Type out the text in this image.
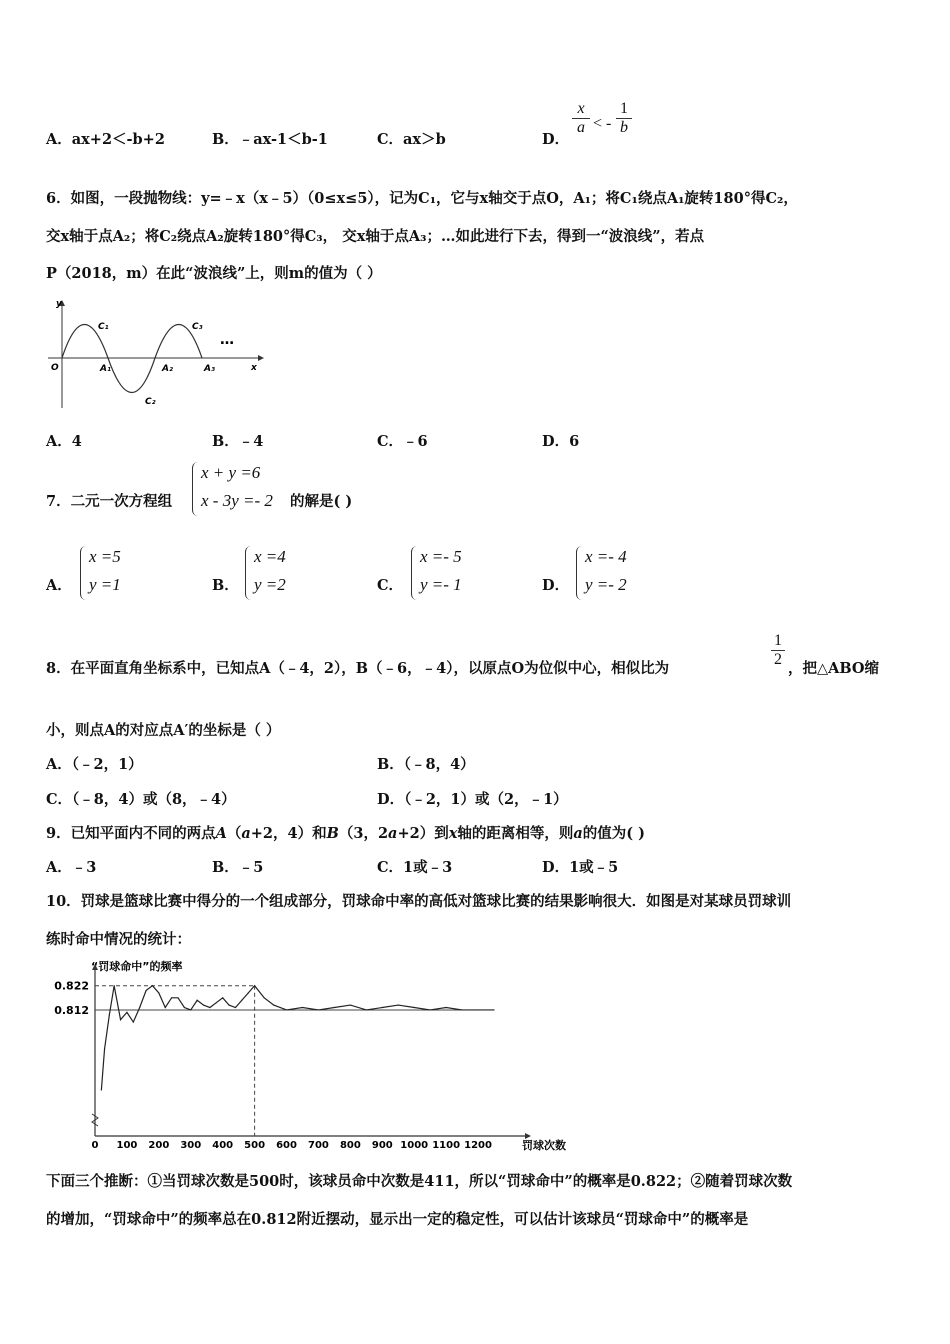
A．ax+2＜-b+2	B．﹣ax-1＜b-1	C．ax＞b	D．
$\frac{x}{a}$ < - $\frac{1}{b}$
6．如图，一段抛物线：y=﹣x（x﹣5）（0≤x≤5），记为C₁，它与x轴交于点O，A₁；将C₁绕点A₁旋转180°得C₂，
交x轴于点A₂；将C₂绕点A₂旋转180°得C₃， 交x轴于点A₃；…如此进行下去，得到一“波浪线”，若点
P（2018，m）在此“波浪线”上，则m的值为（ ）
y
x
O	A₁	A₂	A₃
C₁
C₂
C₃
…
A．4	B．﹣4	C．﹣6	D．6
7．二元一次方程组
x + y =6
x - 3y =- 2 的解是( )
A．
x =5
y =1	B．
x =4
y =2	C．
x =- 5
y =- 1	D．
x =- 4
y =- 2
8．在平面直角坐标系中，已知点A（﹣4，2），B（﹣6，﹣4），以原点O为位似中心，相似比为	$\frac{1}{2}$ ，把△ABO缩
小，则点A的对应点A′的坐标是（ ）
A．（﹣2，1）	B．（﹣8，4）
C．（﹣8，4）或（8，﹣4）	D．（﹣2，1）或（2，﹣1）
9．已知平面内不同的两点A（a+2，4）和B（3，2a+2）到x轴的距离相等，则a的值为( )
A．﹣3	B．﹣5	C．1或﹣3	D．1或﹣5
10．罚球是篮球比赛中得分的一个组成部分，罚球命中率的高低对篮球比赛的结果影响很大．如图是对某球员罚球训
练时命中情况的统计：
0.812
0.822
0 100 200 300 400 500 600 700 800 900 1000 1100 1200
“罚球命中”的频率
罚球次数
下面三个推断：①当罚球次数是500时，该球员命中次数是411，所以“罚球命中”的概率是0.822；②随着罚球次数
的增加，“罚球命中”的频率总在0.812附近摆动，显示出一定的稳定性，可以估计该球员“罚球命中”的概率是
